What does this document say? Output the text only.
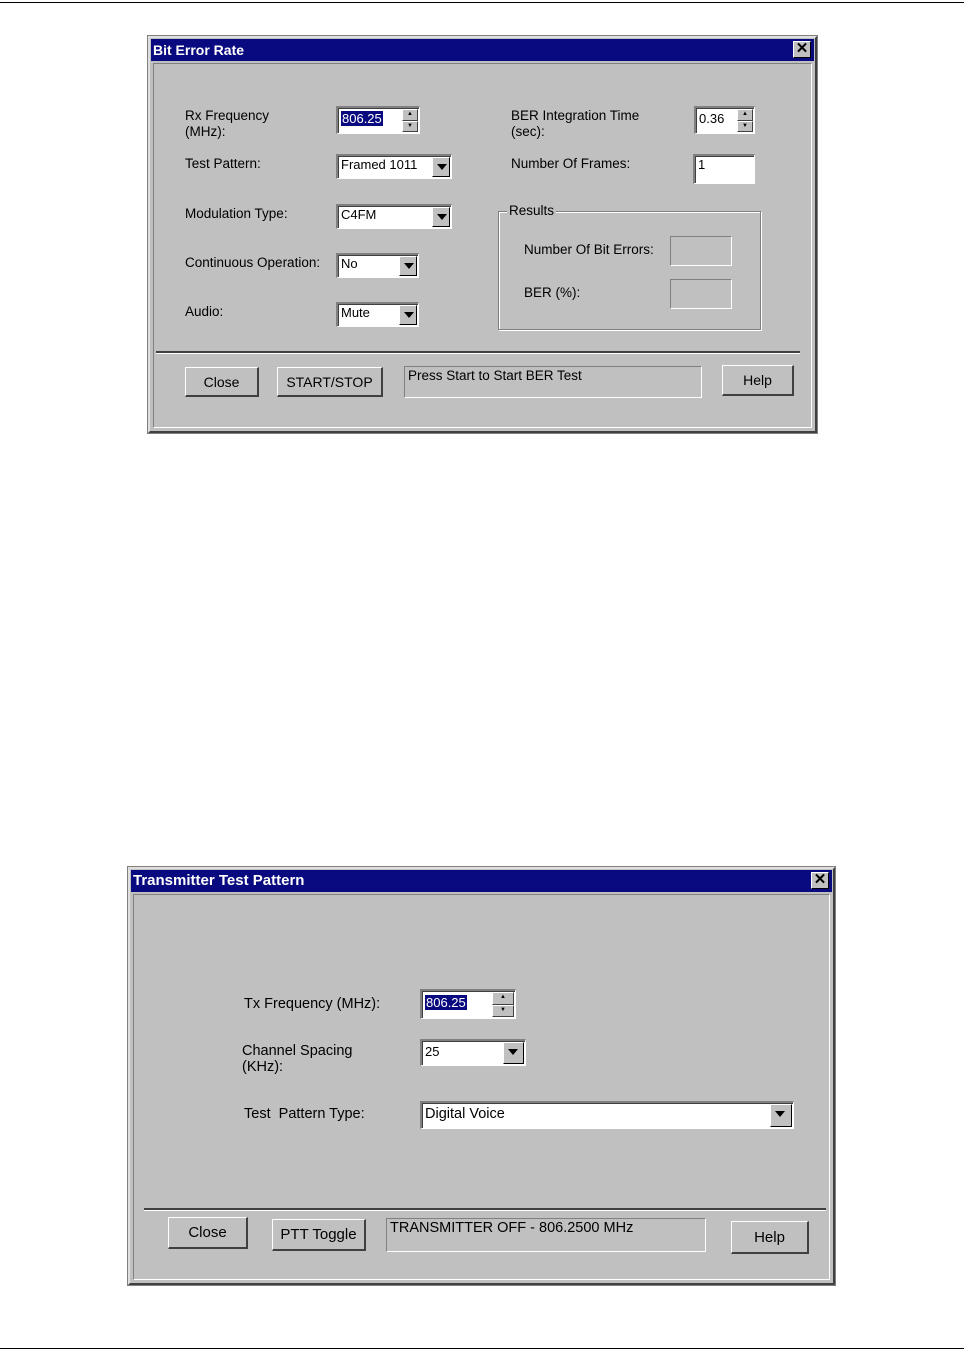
Bit Error Rate	✕
Rx Frequency
(MHz):
806.25	▲
▼
Test Pattern:	Framed 1011
Modulation Type:	C4FM
Continuous Operation:	No
Audio:	Mute
BER Integration Time
(sec):
0.36	▲
▼
Number Of Frames:	1
Results
Number Of Bit Errors:
BER (%):
Close	START/STOP	Press Start to Start BER Test	Help
Transmitter Test Pattern	✕
Tx Frequency (MHz):	806.25	▲
▼
Channel Spacing
(KHz):
25
Test  Pattern Type:	Digital Voice
Close	PTT Toggle	TRANSMITTER OFF - 806.2500 MHz
Help
